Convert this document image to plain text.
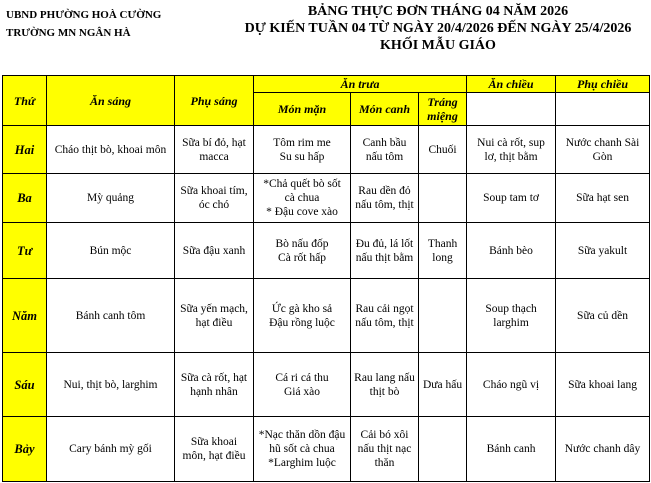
UBND PHƯỜNG HOÀ CƯỜNG
TRƯỜNG MN NGÂN HÀ
BẢNG THỰC ĐƠN THÁNG 04 NĂM 2026
DỰ KIẾN TUẦN 04 TỪ NGÀY 20/4/2026 ĐẾN NGÀY 25/4/2026
KHỐI MẪU GIÁO
Thứ	Ăn sáng	Phụ sáng	Ăn trưa			Ăn chiều	Phụ chiều
			Món mặn	Món canh	Tráng miệng		
Hai	Cháo thịt bò, khoai môn	Sữa bí đỏ, hạt macca	Tôm rim me
Su su hấp	Canh bầu nấu tôm	Chuối	Nui cà rốt, sup lơ, thịt bằm	Nước chanh Sài Gòn
Ba	Mỳ quảng	Sữa khoai tím, óc chó	*Chả quết bò sốt cà chua
* Đậu cove xào	Rau dền đỏ nấu tôm, thịt		Soup tam tơ	Sữa hạt sen
Tư	Bún mộc	Sữa đậu xanh	Bò nấu đốp
Cà rốt hấp	Đu đủ, lá lốt nấu thịt bằm	Thanh long	Bánh bèo	Sữa yakult
Năm	Bánh canh tôm	Sữa yến mạch, hạt điều	Ức gà kho sả
Đậu rồng luộc	Rau cải ngọt nấu tôm, thịt		Soup thạch larghim	Sữa củ dền
Sáu	Nui, thịt bò, larghim	Sữa cà rốt, hạt hạnh nhân	Cá ri cá thu
Giá xào	Rau lang nấu thịt bò	Dưa hấu	Cháo ngũ vị	Sữa khoai lang
Bảy	Cary bánh mỳ gối	Sữa khoai môn, hạt điều	*Nạc thăn dồn đậu hũ sốt cà chua
*Larghim luộc	Cải bó xôi nấu thịt nạc thăn		Bánh canh	Nước chanh dây
